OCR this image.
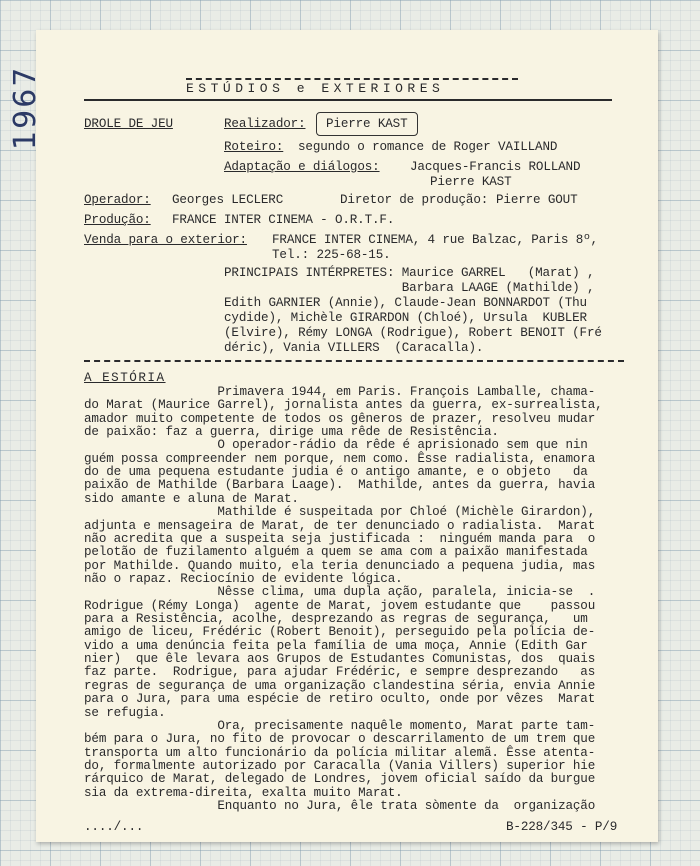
ESTÚDIOS e EXTERIORES
DROLE DE JEU	Realizador: Pierre KAST
Roteiro: segundo o romance de Roger VAILLAND
Adaptação e diálogos: Jacques-Francis ROLLAND
Pierre KAST
Operador: Georges LECLERC	Diretor de produção: Pierre GOUT
Produção: FRANCE INTER CINEMA - O.R.T.F.
Venda para o exterior: FRANCE INTER CINEMA, 4 rue Balzac, Paris 8º,
Tel.: 225-68-15.
PRINCIPAIS INTÉRPRETES: Maurice GARREL   (Marat) ,
Barbara LAAGE (Mathilde) ,
Edith GARNIER (Annie), Claude-Jean BONNARDOT (Thu
cydide), Michèle GIRARDON (Chloé), Ursula  KUBLER
(Elvire), Rémy LONGA (Rodrigue), Robert BENOIT (Fré
déric), Vania VILLERS  (Caracalla).
A ESTÓRIA
Primavera 1944, em Paris. François Lamballe, chama-
do Marat (Maurice Garrel), jornalista antes da guerra, ex-surrealista,
amador muito competente de todos os gêneros de prazer, resolveu mudar
de paixão: faz a guerra, dirige uma rêde de Resistência.
O operador-rádio da rêde é aprisionado sem que nin
guém possa compreender nem porque, nem como. Êsse radialista, enamora
do de uma pequena estudante judia é o antigo amante, e o objeto   da
paixão de Mathilde (Barbara Laage).  Mathilde, antes da guerra, havia
sido amante e aluna de Marat.
Mathilde é suspeitada por Chloé (Michèle Girardon),
adjunta e mensageira de Marat, de ter denunciado o radialista.  Marat
não acredita que a suspeita seja justificada :  ninguém manda para  o
pelotão de fuzilamento alguém a quem se ama com a paixão manifestada
por Mathilde. Quando muito, ela teria denunciado a pequena judia, mas
não o rapaz. Reciocínio de evidente lógica.
Nêsse clima, uma dupla ação, paralela, inicia-se  .
Rodrigue (Rémy Longa)  agente de Marat, jovem estudante que    passou
para a Resistência, acolhe, desprezando as regras de segurança,   um
amigo de liceu, Frédéric (Robert Benoit), perseguido pela polícia de-
vido a uma denúncia feita pela família de uma moça, Annie (Edith Gar
nier)  que êle levara aos Grupos de Estudantes Comunistas, dos  quais
faz parte.  Rodrigue, para ajudar Frédéric, e sempre desprezando   as
regras de segurança de uma organização clandestina séria, envia Annie
para o Jura, para uma espécie de retiro oculto, onde por vêzes  Marat
se refugia.
Ora, precisamente naquêle momento, Marat parte tam-
bém para o Jura, no fito de provocar o descarrilamento de um trem que
transporta um alto funcionário da polícia militar alemã. Êsse atenta-
do, formalmente autorizado por Caracalla (Vania Villers) superior hie
rárquico de Marat, delegado de Londres, jovem oficial saído da burgue
sia da extrema-direita, exalta muito Marat.
Enquanto no Jura, êle trata sòmente da  organização
..../...	B-228/345 - P/9
1967
